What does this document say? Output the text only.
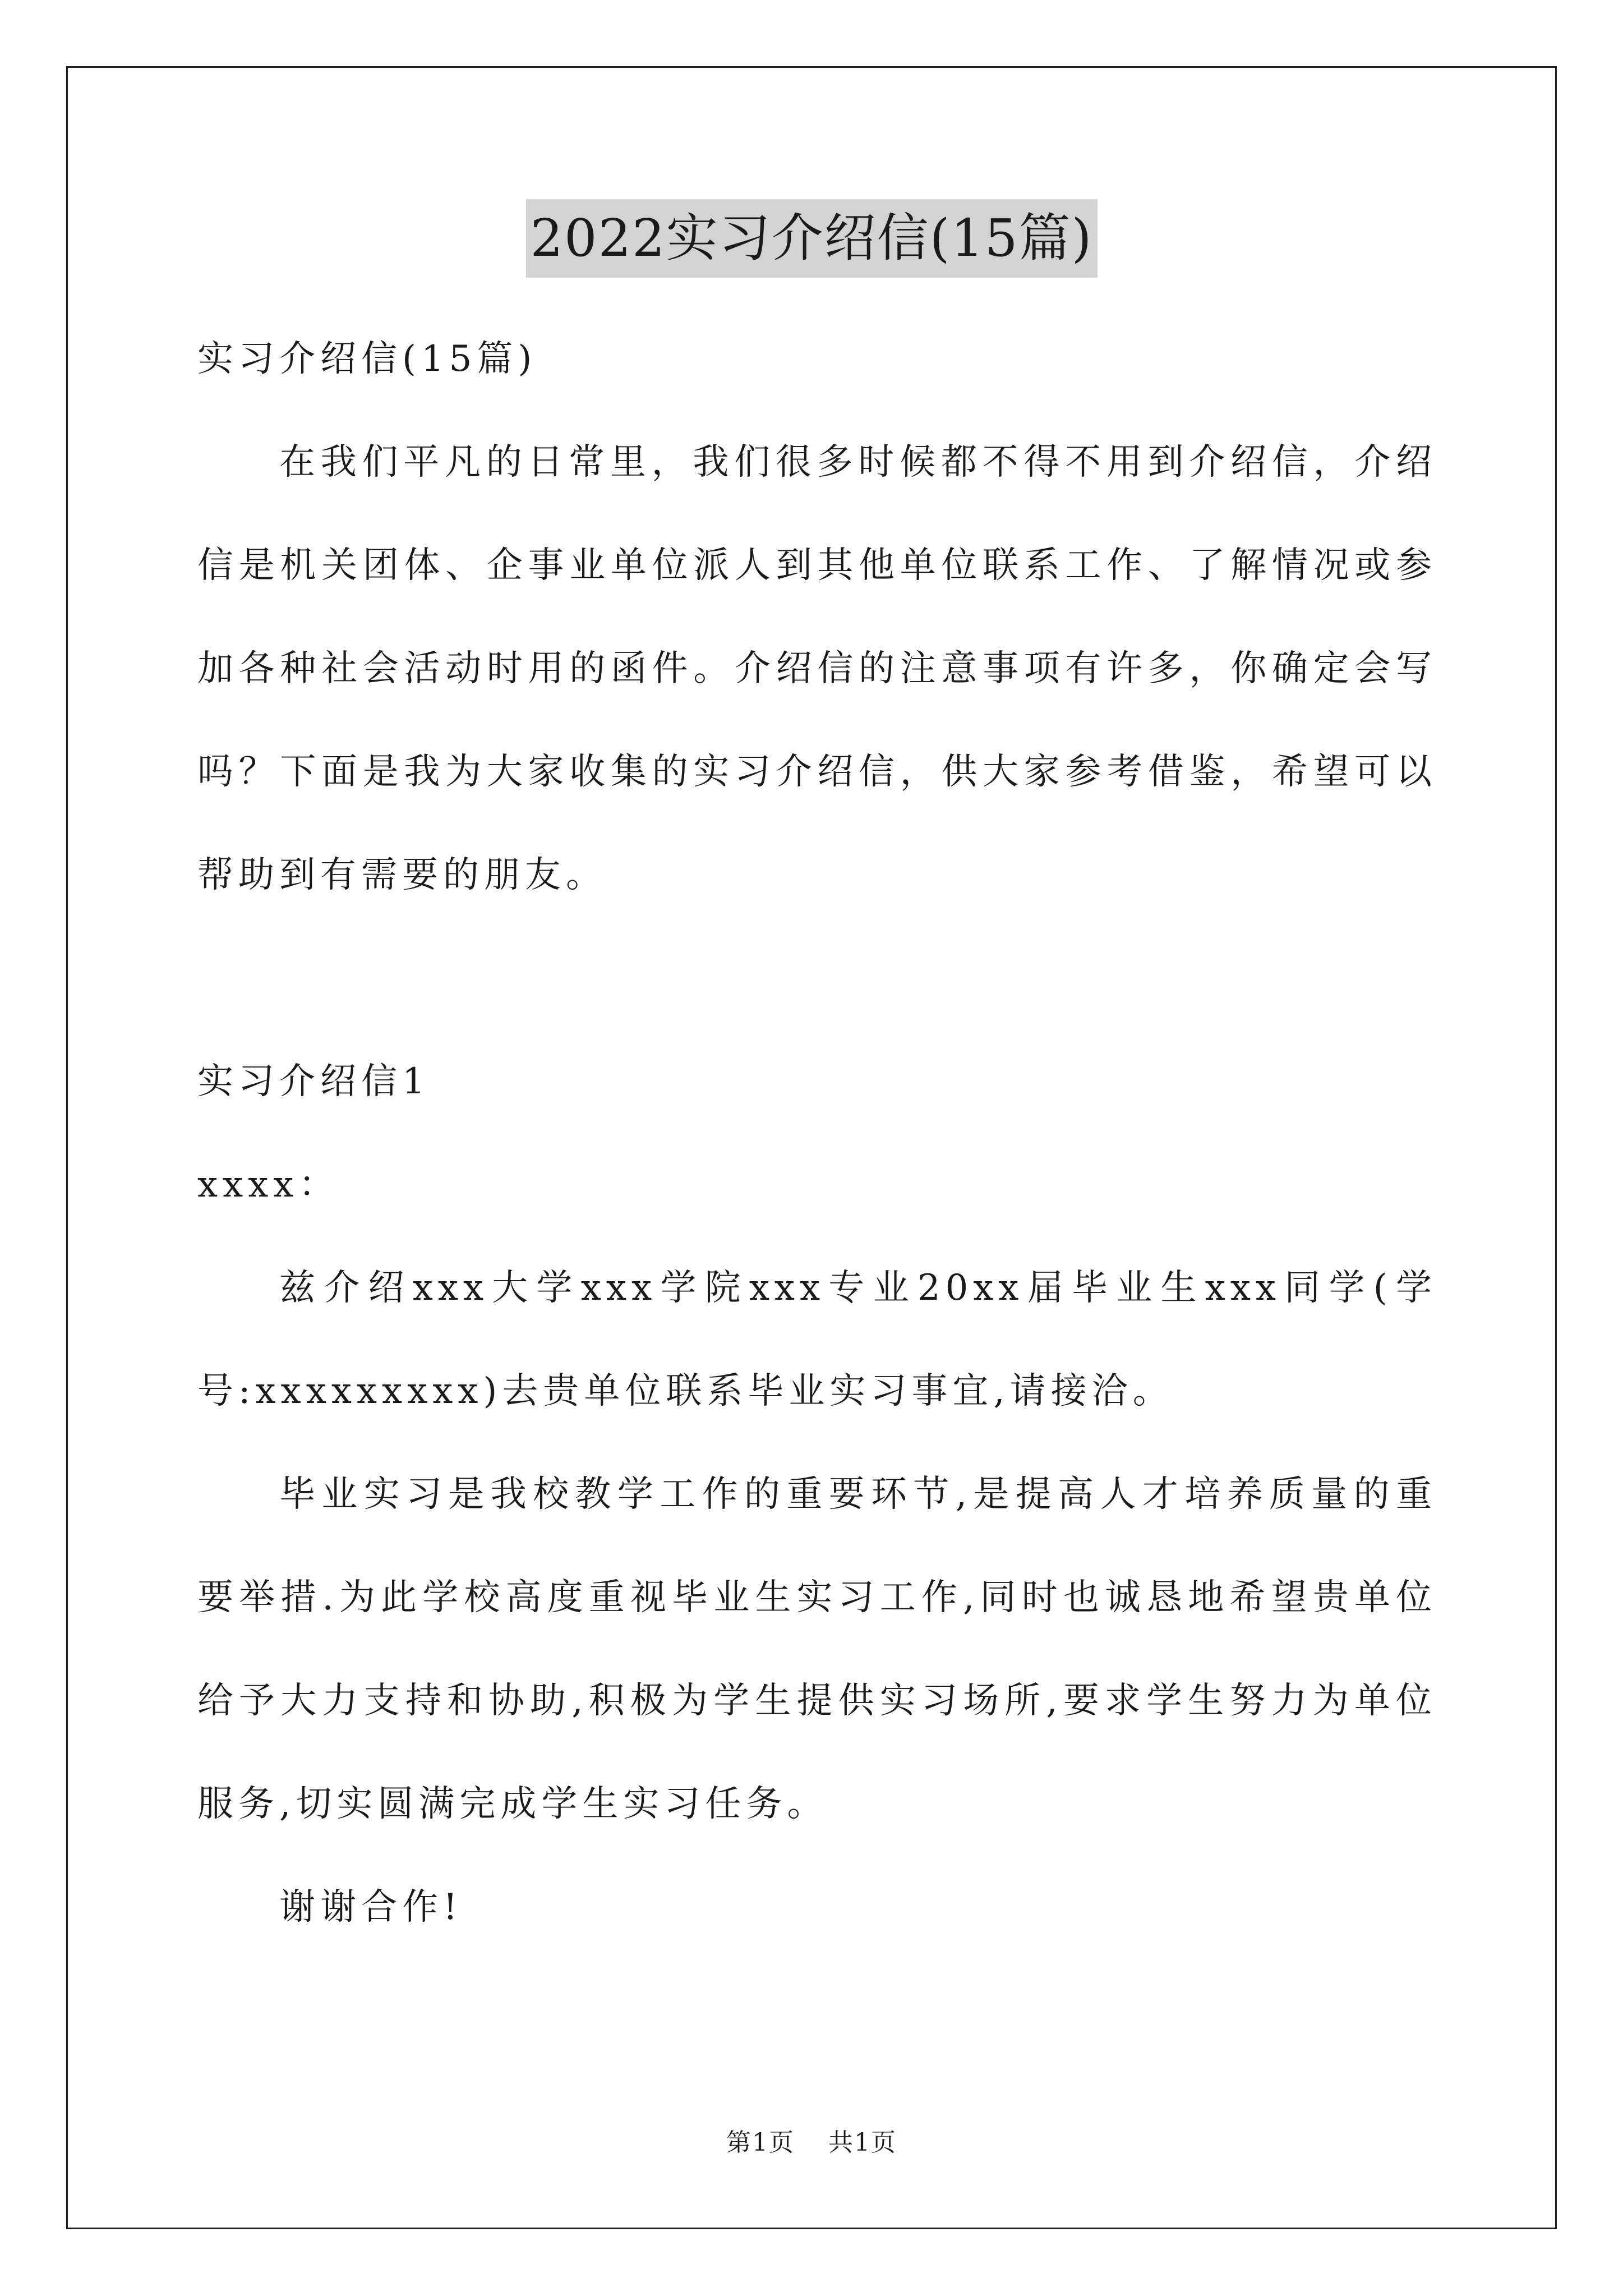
2022实习介绍信(15篇)

实习介绍信(15篇)

在我们平凡的日常里，我们很多时候都不得不用到介绍信，介绍信是机关团体、企事业单位派人到其他单位联系工作、了解情况或参加各种社会活动时用的函件。介绍信的注意事项有许多，你确定会写吗？下面是我为大家收集的实习介绍信，供大家参考借鉴，希望可以帮助到有需要的朋友。

实习介绍信1

xxxx：

兹介绍xxx大学xxx学院xxx专业20xx届毕业生xxx同学(学号:xxxxxxxxx)去贵单位联系毕业实习事宜,请接洽。

毕业实习是我校教学工作的重要环节,是提高人才培养质量的重要举措.为此学校高度重视毕业生实习工作,同时也诚恳地希望贵单位给予大力支持和协助,积极为学生提供实习场所,要求学生努力为单位服务,切实圆满完成学生实习任务。

谢谢合作!

第1页 共1页
